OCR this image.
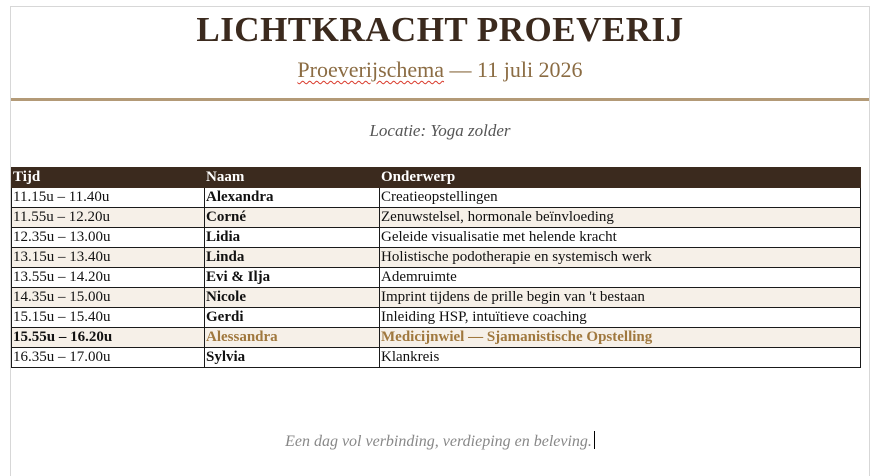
LICHTKRACHT PROEVERIJ
Proeverijschema — 11 juli 2026
Locatie: Yoga zolder
Tijd	Naam	Onderwerp
11.15u – 11.40u	Alexandra	Creatieopstellingen
11.55u – 12.20u	Corné	Zenuwstelsel, hormonale beïnvloeding
12.35u – 13.00u	Lidia	Geleide visualisatie met helende kracht
13.15u – 13.40u	Linda	Holistische podotherapie en systemisch werk
13.55u – 14.20u	Evi & Ilja	Ademruimte
14.35u – 15.00u	Nicole	Imprint tijdens de prille begin van 't bestaan
15.15u – 15.40u	Gerdi	Inleiding HSP, intuïtieve coaching
15.55u – 16.20u	Alessandra	Medicijnwiel — Sjamanistische Opstelling
16.35u – 17.00u	Sylvia	Klankreis
Een dag vol verbinding, verdieping en beleving.
